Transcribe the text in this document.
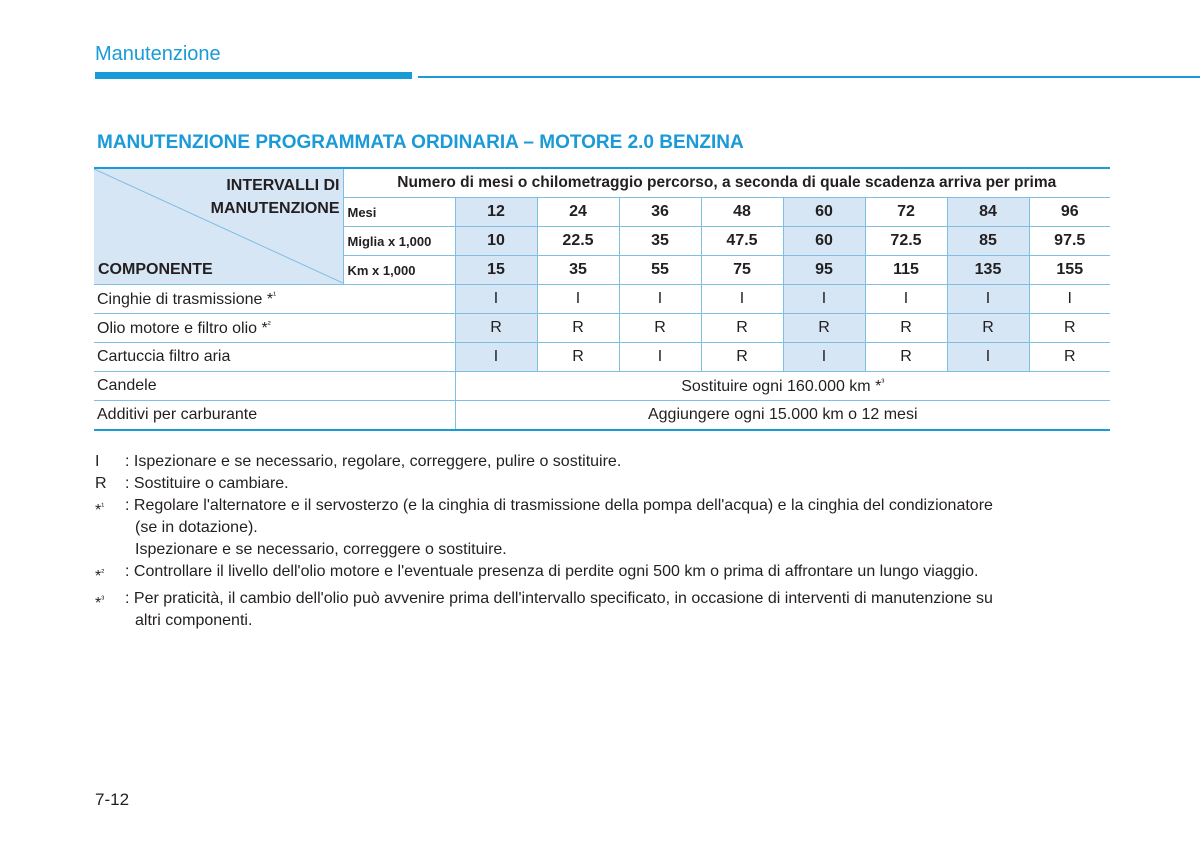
Manutenzione
MANUTENZIONE PROGRAMMATA ORDINARIA – MOTORE 2.0 BENZINA
INTERVALLI DI
MANUTENZIONE
COMPONENTE	Numero di mesi o chilometraggio percorso, a seconda di quale scadenza arriva per prima								
	Mesi	12	24	36	48	60	72	84	96
	Miglia x 1,000	10	22.5	35	47.5	60	72.5	85	97.5
	Km x 1,000	15	35	55	75	95	115	135	155
Cinghie di trasmissione *$^{^1}$		I	I	I	I	I	I	I	I
Olio motore e filtro olio *$^{^2}$		R	R	R	R	R	R	R	R
Cartuccia filtro aria		I	R	I	R	I	R	I	R
Candele		Sostituire ogni 160.000 km *$^{^3}$
Additivi per carburante		Aggiungere ogni 15.000 km o 12 mesi							
I	: Ispezionare e se necessario, regolare, correggere, pulire o sostituire.
R	: Sostituire o cambiare.
*$^{^1}$	: Regolare l'alternatore e il servosterzo (e la cinghia di trasmissione della pompa dell'acqua) e la cinghia del condizionatore
(se in dotazione).
Ispezionare e se necessario, correggere o sostituire.
*$^{^2}$	: Controllare il livello dell'olio motore e l'eventuale presenza di perdite ogni 500 km o prima di affrontare un lungo viaggio.
*$^{^3}$	: Per praticità, il cambio dell'olio può avvenire prima dell'intervallo specificato, in occasione di interventi di manutenzione su
altri componenti.
7-12
